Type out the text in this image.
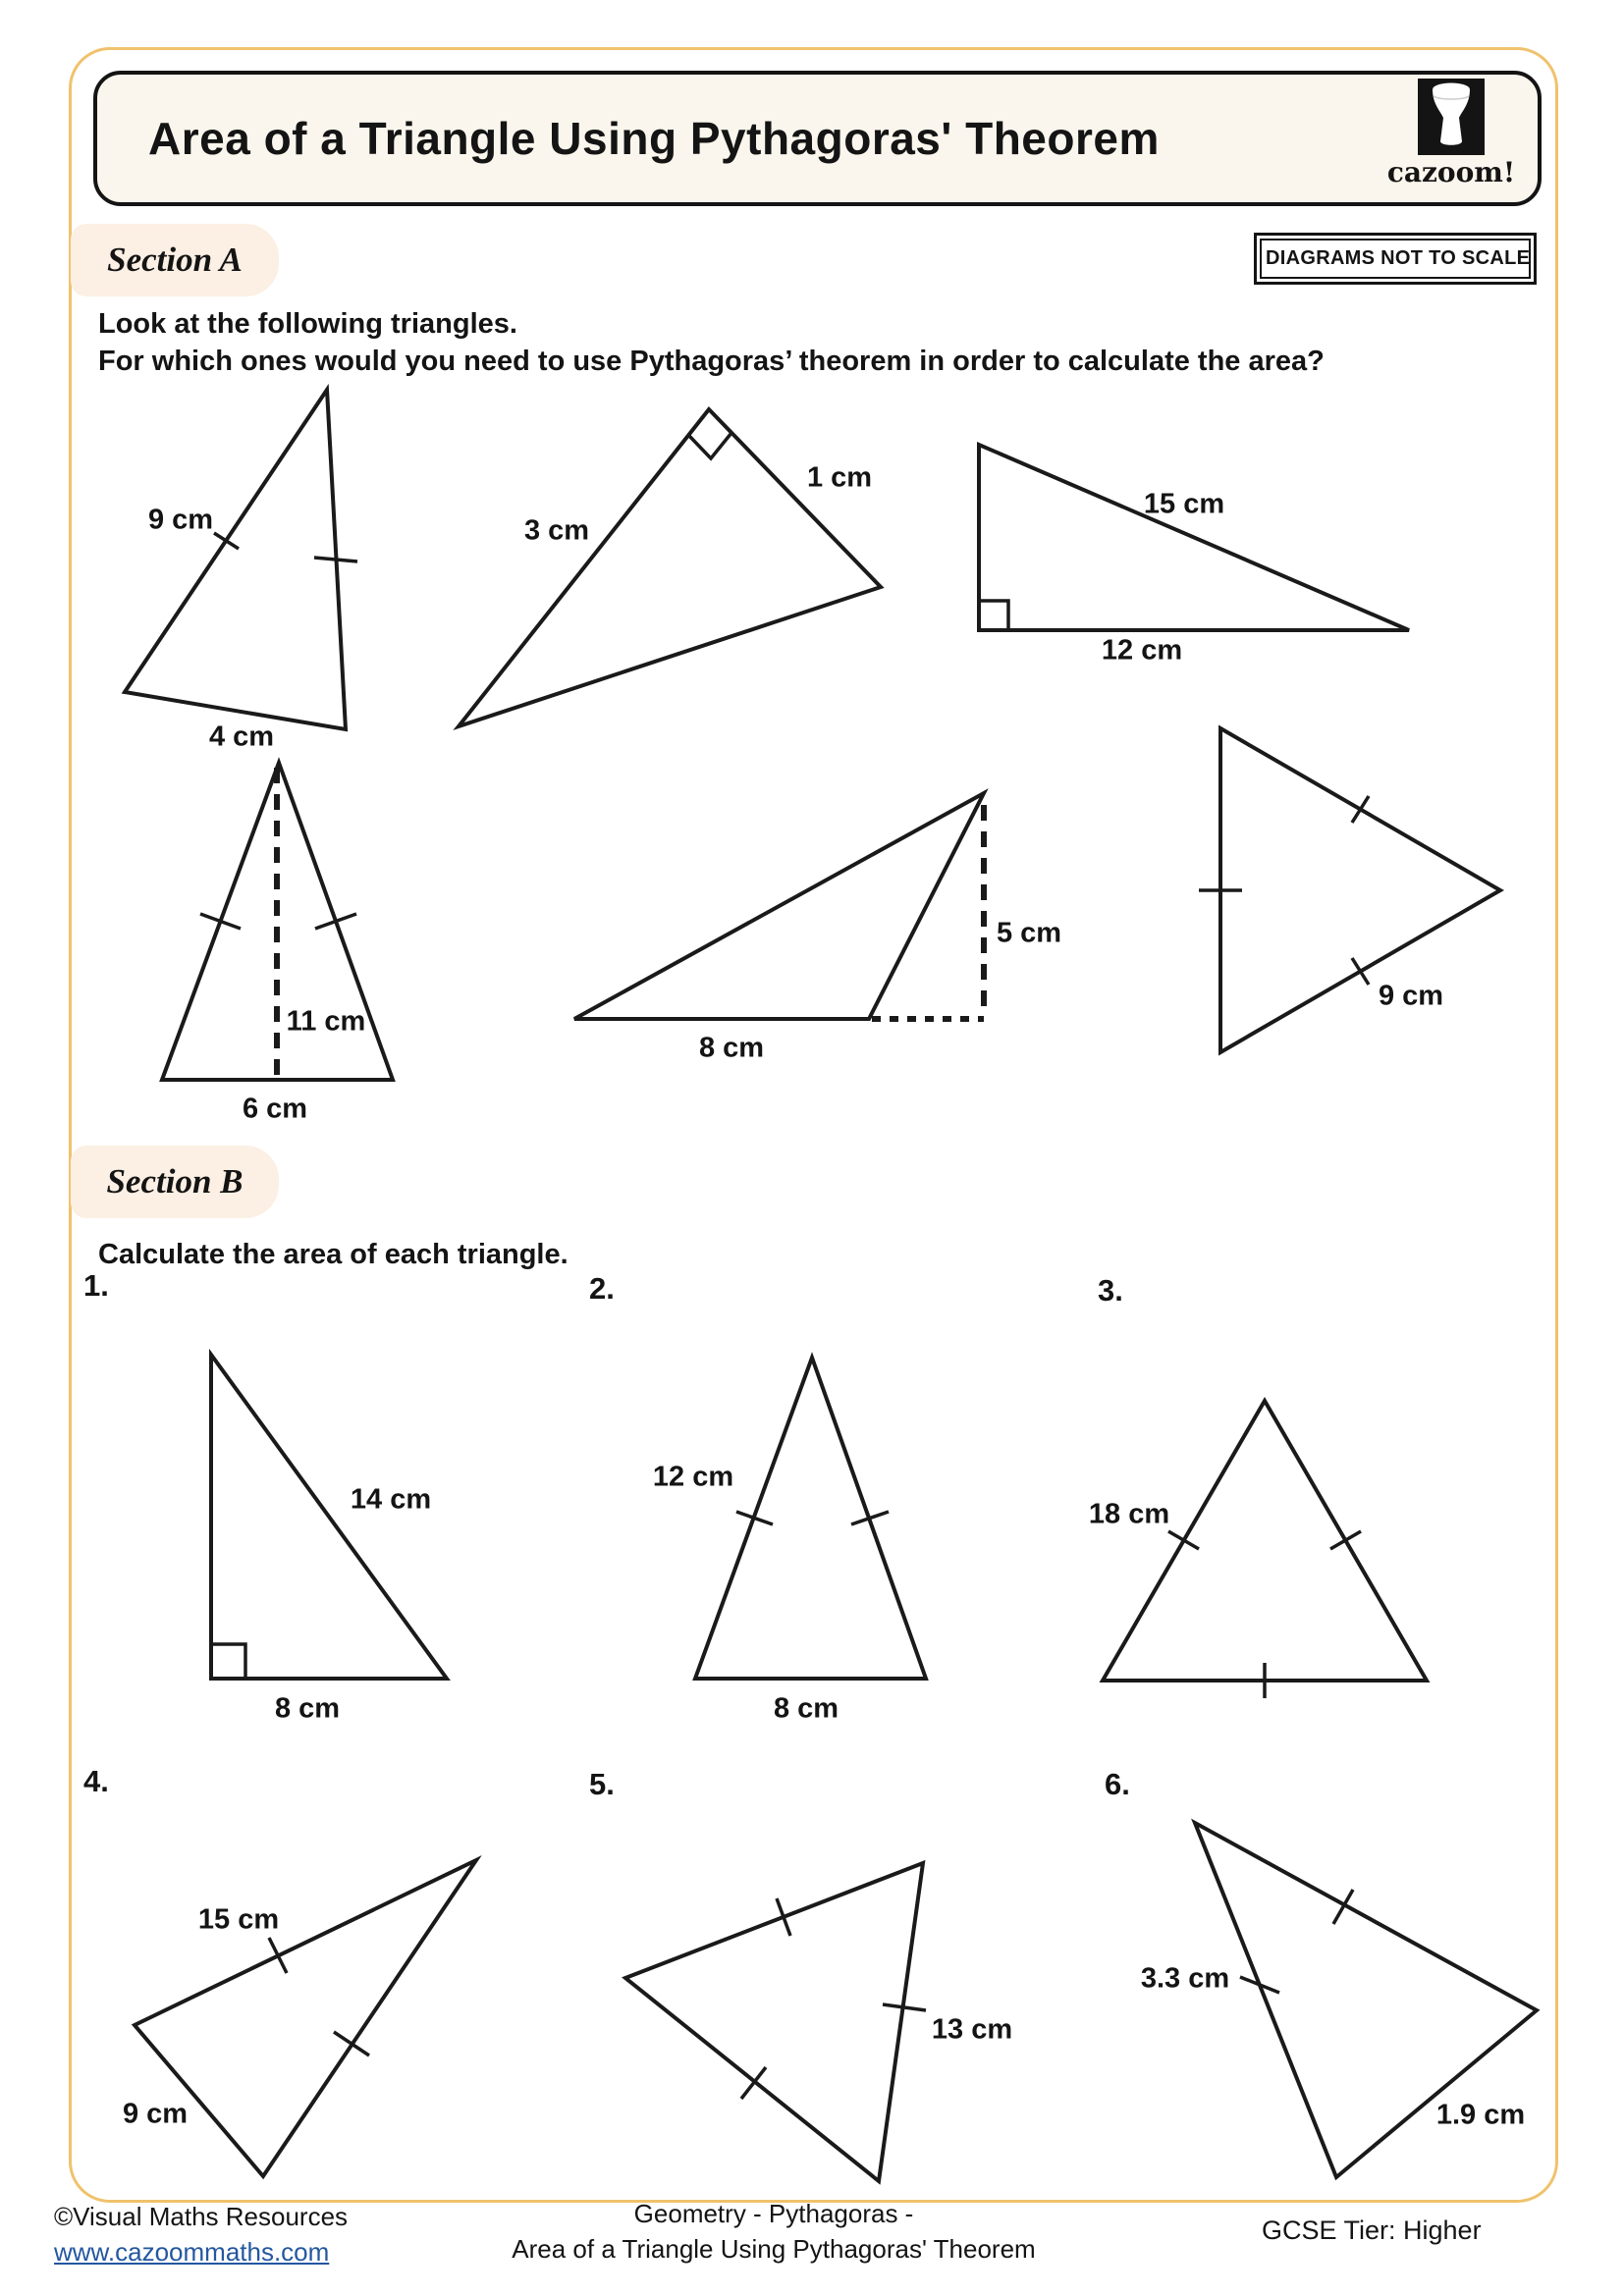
Area of a Triangle Using Pythagoras' Theorem
cazoom!
Section A	DIAGRAMS NOT TO SCALE
Look at the following triangles.
For which ones would you need to use Pythagoras’ theorem in order to calculate the area?
9 cm
4 cm
3 cm
1 cm
15 cm
12 cm
11 cm
6 cm
5 cm
8 cm
9 cm
Section B
Calculate the area of each triangle.
1.	2.	3.
4.	5.	6.
14 cm
8 cm
12 cm
8 cm
18 cm
15 cm
9 cm
13 cm
3.3 cm
1.9 cm
©Visual Maths Resources
www.cazoommaths.com
Geometry - Pythagoras -
Area of a Triangle Using Pythagoras' Theorem
GCSE Tier: Higher
